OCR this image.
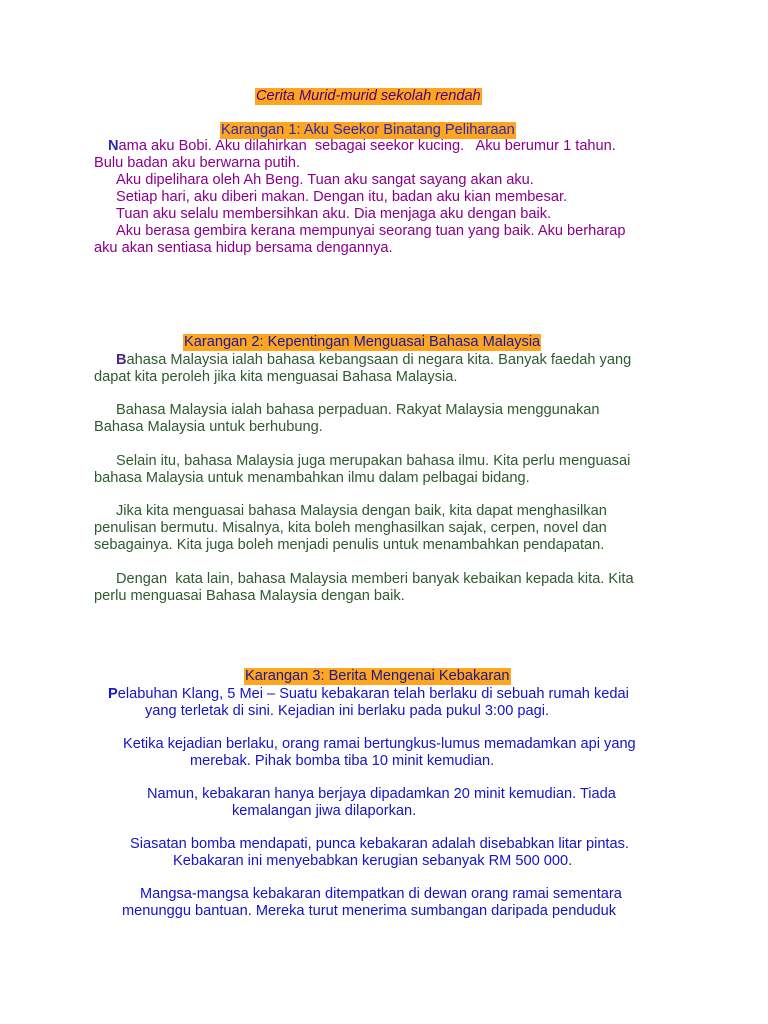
Cerita Murid-murid sekolah rendah
Karangan 1: Aku Seekor Binatang Peliharaan
Nama aku Bobi. Aku dilahirkan  sebagai seekor kucing.   Aku berumur 1 tahun.
Bulu badan aku berwarna putih.
Aku dipelihara oleh Ah Beng. Tuan aku sangat sayang akan aku.
Setiap hari, aku diberi makan. Dengan itu, badan aku kian membesar.
Tuan aku selalu membersihkan aku. Dia menjaga aku dengan baik.
Aku berasa gembira kerana mempunyai seorang tuan yang baik. Aku berharap
aku akan sentiasa hidup bersama dengannya.
Karangan 2: Kepentingan Menguasai Bahasa Malaysia
Bahasa Malaysia ialah bahasa kebangsaan di negara kita. Banyak faedah yang
dapat kita peroleh jika kita menguasai Bahasa Malaysia.
Bahasa Malaysia ialah bahasa perpaduan. Rakyat Malaysia menggunakan
Bahasa Malaysia untuk berhubung.
Selain itu, bahasa Malaysia juga merupakan bahasa ilmu. Kita perlu menguasai
bahasa Malaysia untuk menambahkan ilmu dalam pelbagai bidang.
Jika kita menguasai bahasa Malaysia dengan baik, kita dapat menghasilkan
penulisan bermutu. Misalnya, kita boleh menghasilkan sajak, cerpen, novel dan
sebagainya. Kita juga boleh menjadi penulis untuk menambahkan pendapatan.
Dengan  kata lain, bahasa Malaysia memberi banyak kebaikan kepada kita. Kita
perlu menguasai Bahasa Malaysia dengan baik.
Karangan 3: Berita Mengenai Kebakaran
Pelabuhan Klang, 5 Mei – Suatu kebakaran telah berlaku di sebuah rumah kedai
yang terletak di sini. Kejadian ini berlaku pada pukul 3:00 pagi.
Ketika kejadian berlaku, orang ramai bertungkus-lumus memadamkan api yang
merebak. Pihak bomba tiba 10 minit kemudian.
Namun, kebakaran hanya berjaya dipadamkan 20 minit kemudian. Tiada
kemalangan jiwa dilaporkan.
Siasatan bomba mendapati, punca kebakaran adalah disebabkan litar pintas.
Kebakaran ini menyebabkan kerugian sebanyak RM 500 000.
Mangsa-mangsa kebakaran ditempatkan di dewan orang ramai sementara
menunggu bantuan. Mereka turut menerima sumbangan daripada penduduk
